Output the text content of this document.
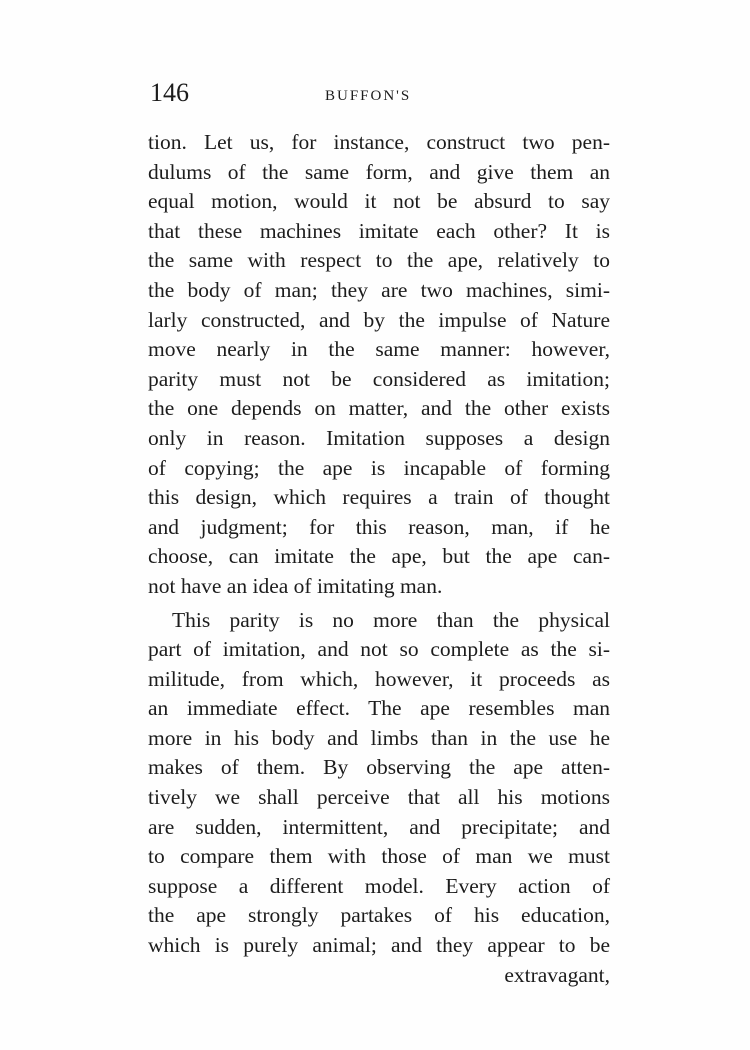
146	BUFFON'S
tion. Let us, for instance, construct two pen-
dulums of the same form, and give them an
equal motion, would it not be absurd to say
that these machines imitate each other? It is
the same with respect to the ape, relatively to
the body of man; they are two machines, simi-
larly constructed, and by the impulse of Nature
move nearly in the same manner: however,
parity must not be considered as imitation;
the one depends on matter, and the other exists
only in reason. Imitation supposes a design
of copying; the ape is incapable of forming
this design, which requires a train of thought
and judgment; for this reason, man, if he
choose, can imitate the ape, but the ape can-
not have an idea of imitating man.
This parity is no more than the physical
part of imitation, and not so complete as the si-
militude, from which, however, it proceeds as
an immediate effect. The ape resembles man
more in his body and limbs than in the use he
makes of them. By observing the ape atten-
tively we shall perceive that all his motions
are sudden, intermittent, and precipitate; and
to compare them with those of man we must
suppose a different model. Every action of
the ape strongly partakes of his education,
which is purely animal; and they appear to be
extravagant,
